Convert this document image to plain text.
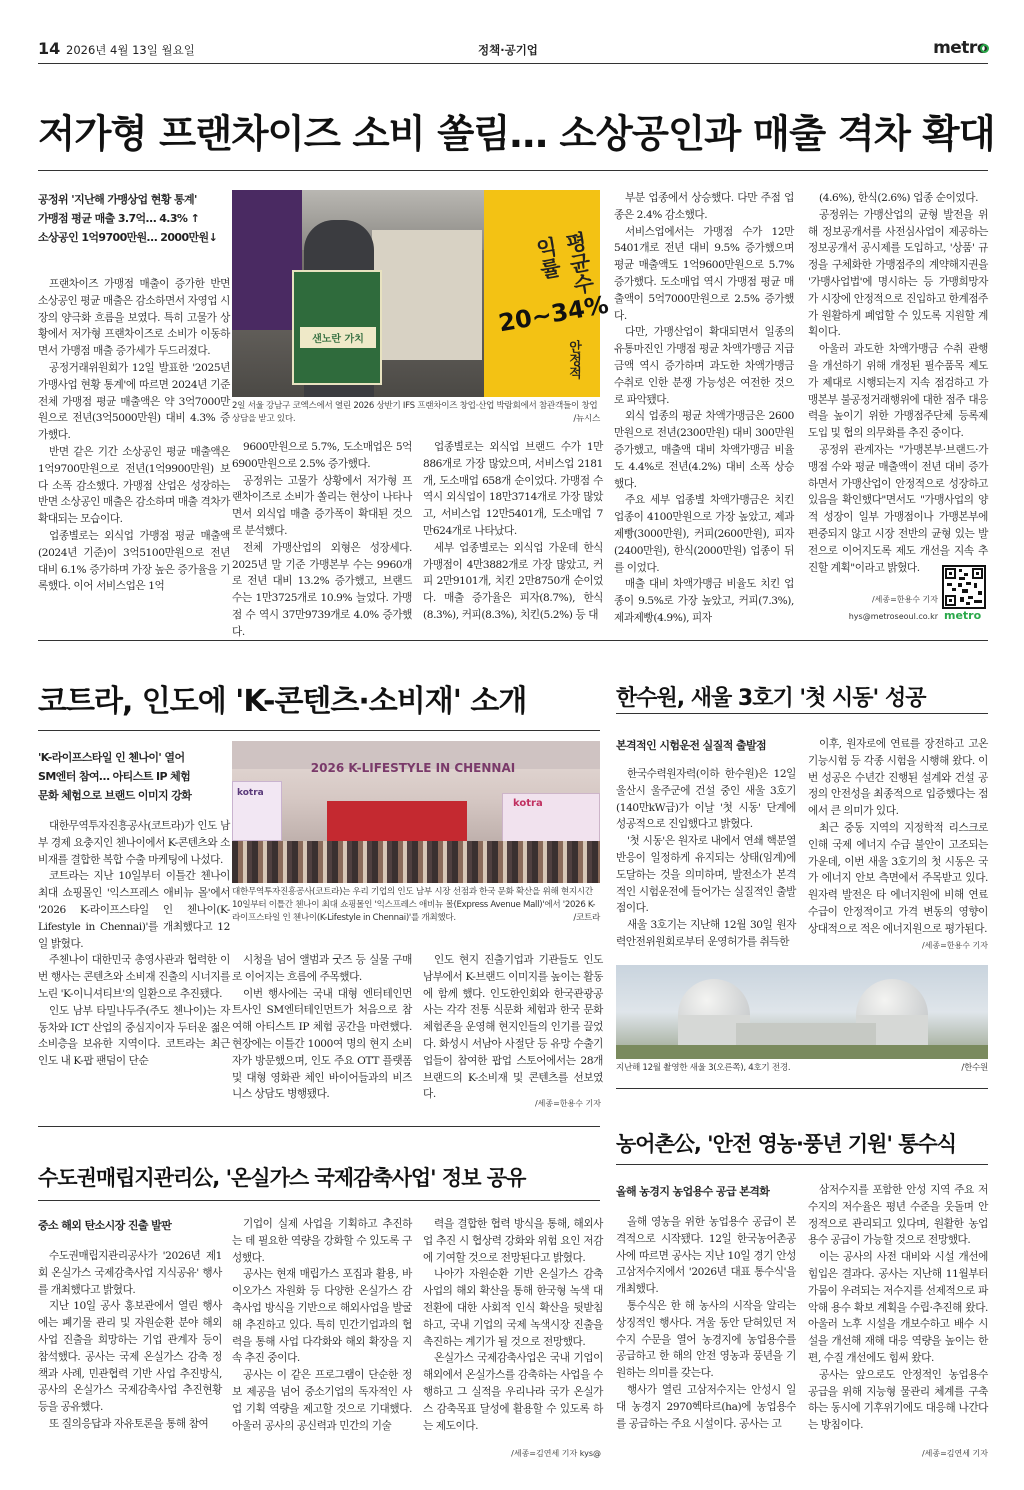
14 2026년 4월 13일 월요일	정책·공기업	metro
저가형 프랜차이즈 소비 쏠림… 소상공인과 매출 격차 확대
공정위 '지난해 가맹상업 현황 통계'
가맹점 평균 매출 3.7억… 4.3% ↑
소상공인 1억9700만원… 2000만원↓

프랜차이즈 가맹점 매출이 증가한 반면 소상공인 평균 매출은 감소하면서 자영업 시장의 양극화 흐름을 보였다. 특히 고물가 상황에서 저가형 프랜차이즈로 소비가 이동하면서 가맹점 매출 증가세가 두드러졌다.

공정거래위원회가 12일 발표한 '2025년 가맹사업 현황 통계'에 따르면 2024년 기준 전체 가맹점 평균 매출액은 약 3억7000만원으로 전년(3억5000만원) 대비 4.3% 증가했다.

반면 같은 기간 소상공인 평균 매출액은 1억9700만원으로 전년(1억9900만원) 보다 소폭 감소했다. 가맹점 산업은 성장하는 반면 소상공인 매출은 감소하며 매출 격차가 확대되는 모습이다.

업종별로는 외식업 가맹점 평균 매출액(2024년 기준)이 3억5100만원으로 전년 대비 6.1% 증가하며 가장 높은 증가율을 기록했다. 이어 서비스업은 1억

샌노란 가치
평균수익률
20~34%
안정적
2일 서울 강남구 코엑스에서 열린 2026 상반기 IFS 프랜차이즈 창업·산업 박람회에서 참관객들이 창업상담을 받고 있다.	/뉴시스

9600만원으로 5.7%, 도소매업은 5억6900만원으로 2.5% 증가했다.

공정위는 고물가 상황에서 저가형 프랜차이즈로 소비가 쏠리는 현상이 나타나면서 외식업 매출 증가폭이 확대된 것으로 분석했다.

전체 가맹산업의 외형은 성장세다. 2025년 말 기준 가맹본부 수는 9960개로 전년 대비 13.2% 증가했고, 브랜드 수는 1만3725개로 10.9% 늘었다. 가맹점 수 역시 37만9739개로 4.0% 증가했다.

업종별로는 외식업 브랜드 수가 1만886개로 가장 많았으며, 서비스업 2181개, 도소매업 658개 순이었다. 가맹점 수 역시 외식업이 18만3714개로 가장 많았고, 서비스업 12만5401개, 도소매업 7만624개로 나타났다.

세부 업종별로는 외식업 가운데 한식 가맹점이 4만3882개로 가장 많았고, 커피 2만9101개, 치킨 2만8750개 순이었다. 매출 증가율은 피자(8.7%), 한식(8.3%), 커피(8.3%), 치킨(5.2%) 등 대

부분 업종에서 상승했다. 다만 주점 업종은 2.4% 감소했다.

서비스업에서는 가맹점 수가 12만5401개로 전년 대비 9.5% 증가했으며 평균 매출액도 1억9600만원으로 5.7% 증가했다. 도소매업 역시 가맹점 평균 매출액이 5억7000만원으로 2.5% 증가했다.

다만, 가맹산업이 확대되면서 일종의 유통마진인 가맹점 평균 차액가맹금 지급금액 역시 증가하며 과도한 차액가맹금 수취로 인한 분쟁 가능성은 여전한 것으로 파악됐다.

외식 업종의 평균 차액가맹금은 2600만원으로 전년(2300만원) 대비 300만원 증가했고, 매출액 대비 차액가맹금 비율도 4.4%로 전년(4.2%) 대비 소폭 상승했다.

주요 세부 업종별 차액가맹금은 치킨 업종이 4100만원으로 가장 높았고, 제과제빵(3000만원), 커피(2600만원), 피자(2400만원), 한식(2000만원) 업종이 뒤를 이었다.

매출 대비 차액가맹금 비율도 치킨 업종이 9.5%로 가장 높았고, 커피(7.3%), 제과제빵(4.9%), 피자

(4.6%), 한식(2.6%) 업종 순이었다.

공정위는 가맹산업의 균형 발전을 위해 정보공개서를 사전심사업이 제공하는 정보공개서 공시제를 도입하고, '상품' 규정을 구체화한 가맹점주의 계약해지권을 '가맹사업법'에 명시하는 등 가맹희망자가 시장에 안정적으로 진입하고 한계점주가 원활하게 폐업할 수 있도록 지원할 계획이다.

아울러 과도한 차액가맹금 수취 관행을 개선하기 위해 개정된 필수품목 제도가 제대로 시행되는지 지속 점검하고 가맹본부 불공정거래행위에 대한 점주 대응력을 높이기 위한 가맹점주단체 등록제 도입 및 협의 의무화를 추진 중이다.

공정위 관계자는 "가맹본부·브랜드·가맹점 수와 평균 매출액이 전년 대비 증가하면서 가맹산업이 안정적으로 성장하고 있음을 확인했다"면서도 "가맹사업의 양적 성장이 일부 가맹점이나 가맹본부에 편중되지 않고 시장 전반의 균형 있는 발전으로 이어지도록 제도 개선을 지속 추진할 계획"이라고 밝혔다.

metro
/세종=한용수 기자
hys@metroseoul.co.kr
코트라, 인도에 'K-콘텐츠·소비재' 소개
'K-라이프스타일 인 첸나이' 열어
SM엔터 참여… 아티스트 IP 체험
문화 체험으로 브랜드 이미지 강화

대한무역투자진흥공사(코트라)가 인도 남부 경제 요충지인 첸나이에서 K-콘텐츠와 소비재를 결합한 복합 수출 마케팅에 나섰다.

코트라는 지난 10일부터 이틀간 첸나이 최대 쇼핑몰인 '익스프레스 애비뉴 몰'에서 '2026 K-라이프스타일 인 첸나이(K-Lifestyle in Chennai)'를 개최했다고 12일 밝혔다.

주첸나이 대한민국 총영사관과 협력한 이번 행사는 콘텐츠와 소비재 진출의 시너지를 노린 'K-이니셔티브'의 일환으로 추진됐다.

인도 남부 타밀나두주(주도 첸나이)는 자동차와 ICT 산업의 중심지이자 두터운 젊은 소비층을 보유한 지역이다. 코트라는 최근 인도 내 K-팝 팬덤이 단순

2026 K-LIFESTYLE IN CHENNAI
kotra
kotra
대한무역투자진흥공사(코트라)는 우리 기업의 인도 남부 시장 선점과 한국 문화 확산을 위해 현지시간 10일부터 이틀간 첸나이 최대 쇼핑몰인 '익스프레스 애비뉴 몰(Express Avenue Mall)'에서 '2026 K-라이프스타일 인 첸나이(K-Lifestyle in Chennai)'를 개최했다.	/코트라

시청을 넘어 앨범과 굿즈 등 실물 구매로 이어지는 흐름에 주목했다.

이번 행사에는 국내 대형 엔터테인먼트사인 SM엔터테인먼트가 처음으로 참여해 아티스트 IP 체험 공간을 마련했다. 현장에는 이틀간 1000여 명의 현지 소비자가 방문했으며, 인도 주요 OTT 플랫폼 및 대형 영화관 체인 바이어들과의 비즈니스 상담도 병행됐다.

인도 현지 진출기업과 기관들도 인도 남부에서 K-브랜드 이미지를 높이는 활동에 함께 했다. 인도한인회와 한국관광공사는 각각 전통 식문화 체험과 한국 문화 체험존을 운영해 현지인들의 인기를 끌었다. 화성시 서남아 사절단 등 유망 수출기업들이 참여한 팝업 스토어에서는 28개 브랜드의 K-소비재 및 콘텐츠를 선보였다.

/세종=한용수 기자
한수원, 새울 3호기 '첫 시동' 성공
본격적인 시험운전 실질적 출발점

한국수력원자력(이하 한수원)은 12일 울산시 울주군에 건설 중인 새울 3호기(140만kW급)가 이날 '첫 시동' 단계에 성공적으로 진입했다고 밝혔다.

'첫 시동'은 원자로 내에서 연쇄 핵분열 반응이 일정하게 유지되는 상태(임계)에 도달하는 것을 의미하며, 발전소가 본격적인 시험운전에 들어가는 실질적인 출발점이다.

새울 3호기는 지난해 12월 30일 원자력안전위원회로부터 운영허가를 취득한

이후, 원자로에 연료를 장전하고 고온기능시험 등 각종 시험을 시행해 왔다. 이번 성공은 수년간 진행된 설계와 건설 공정의 안전성을 최종적으로 입증했다는 점에서 큰 의미가 있다.

최근 중동 지역의 지정학적 리스크로 인해 국제 에너지 수급 불안이 고조되는 가운데, 이번 새울 3호기의 첫 시동은 국가 에너지 안보 측면에서 주목받고 있다. 원자력 발전은 타 에너지원에 비해 연료 수급이 안정적이고 가격 변동의 영향이 상대적으로 적은 에너지원으로 평가된다.

/세종=한용수 기자
지난해 12월 촬영한 새울 3(오른쪽), 4호기 전경.	/한수원
수도권매립지관리公, '온실가스 국제감축사업' 정보 공유
중소 해외 탄소시장 진출 발판

수도권매립지관리공사가 '2026년 제1회 온실가스 국제감축사업 지식공유' 행사를 개최했다고 밝혔다.

지난 10일 공사 홍보관에서 열린 행사에는 폐기물 관리 및 자원순환 분야 해외사업 진출을 희망하는 기업 관계자 등이 참석했다. 공사는 국제 온실가스 감축 정책과 사례, 민관협력 기반 사업 추진방식, 공사의 온실가스 국제감축사업 추진현황 등을 공유했다.

또 질의응답과 자유토론을 통해 참여

기업이 실제 사업을 기획하고 추진하는 데 필요한 역량을 강화할 수 있도록 구성했다.

공사는 현재 매립가스 포집과 활용, 바이오가스 자원화 등 다양한 온실가스 감축사업 방식을 기반으로 해외사업을 발굴해 추진하고 있다. 특히 민간기업과의 협력을 통해 사업 다각화와 해외 확장을 지속 추진 중이다.

공사는 이 같은 프로그램이 단순한 정보 제공을 넘어 중소기업의 독자적인 사업 기획 역량을 제고할 것으로 기대했다. 아울러 공사의 공신력과 민간의 기술

력을 결합한 협력 방식을 통해, 해외사업 추진 시 협상력 강화와 위험 요인 저감에 기여할 것으로 전망된다고 밝혔다.

나아가 자원순환 기반 온실가스 감축 사업의 해외 확산을 통해 한국형 녹색 대전환에 대한 사회적 인식 확산을 뒷받침하고, 국내 기업의 국제 녹색시장 진출을 촉진하는 계기가 될 것으로 전망했다.

온실가스 국제감축사업은 국내 기업이 해외에서 온실가스를 감축하는 사업을 수행하고 그 실적을 우리나라 국가 온실가스 감축목표 달성에 활용할 수 있도록 하는 제도이다.

/세종=김연세 기자 kys@
농어촌公, '안전 영농·풍년 기원' 통수식
올해 농경지 농업용수 공급 본격화

올해 영농을 위한 농업용수 공급이 본격적으로 시작됐다. 12일 한국농어촌공사에 따르면 공사는 지난 10일 경기 안성 고삼저수지에서 '2026년 대표 통수식'을 개최했다.

통수식은 한 해 농사의 시작을 알리는 상징적인 행사다. 겨울 동안 닫혀있던 저수지 수문을 열어 농경지에 농업용수를 공급하고 한 해의 안전 영농과 풍년을 기원하는 의미를 갖는다.

행사가 열린 고삼저수지는 안성시 일대 농경지 2970헥타르(ha)에 농업용수를 공급하는 주요 시설이다. 공사는 고

삼저수지를 포함한 안성 지역 주요 저수지의 저수율은 평년 수준을 웃돌며 안정적으로 관리되고 있다며, 원활한 농업용수 공급이 가능할 것으로 전망했다.

이는 공사의 사전 대비와 시설 개선에 힘입은 결과다. 공사는 지난해 11월부터 가뭄이 우려되는 저수지를 선제적으로 파악해 용수 확보 계획을 수립·추진해 왔다. 아울러 노후 시설을 개보수하고 배수 시설을 개선해 재해 대응 역량을 높이는 한편, 수질 개선에도 힘써 왔다.

공사는 앞으로도 안정적인 농업용수 공급을 위해 지능형 물관리 체계를 구축하는 동시에 기후위기에도 대응해 나간다는 방침이다.

/세종=김연세 기자
